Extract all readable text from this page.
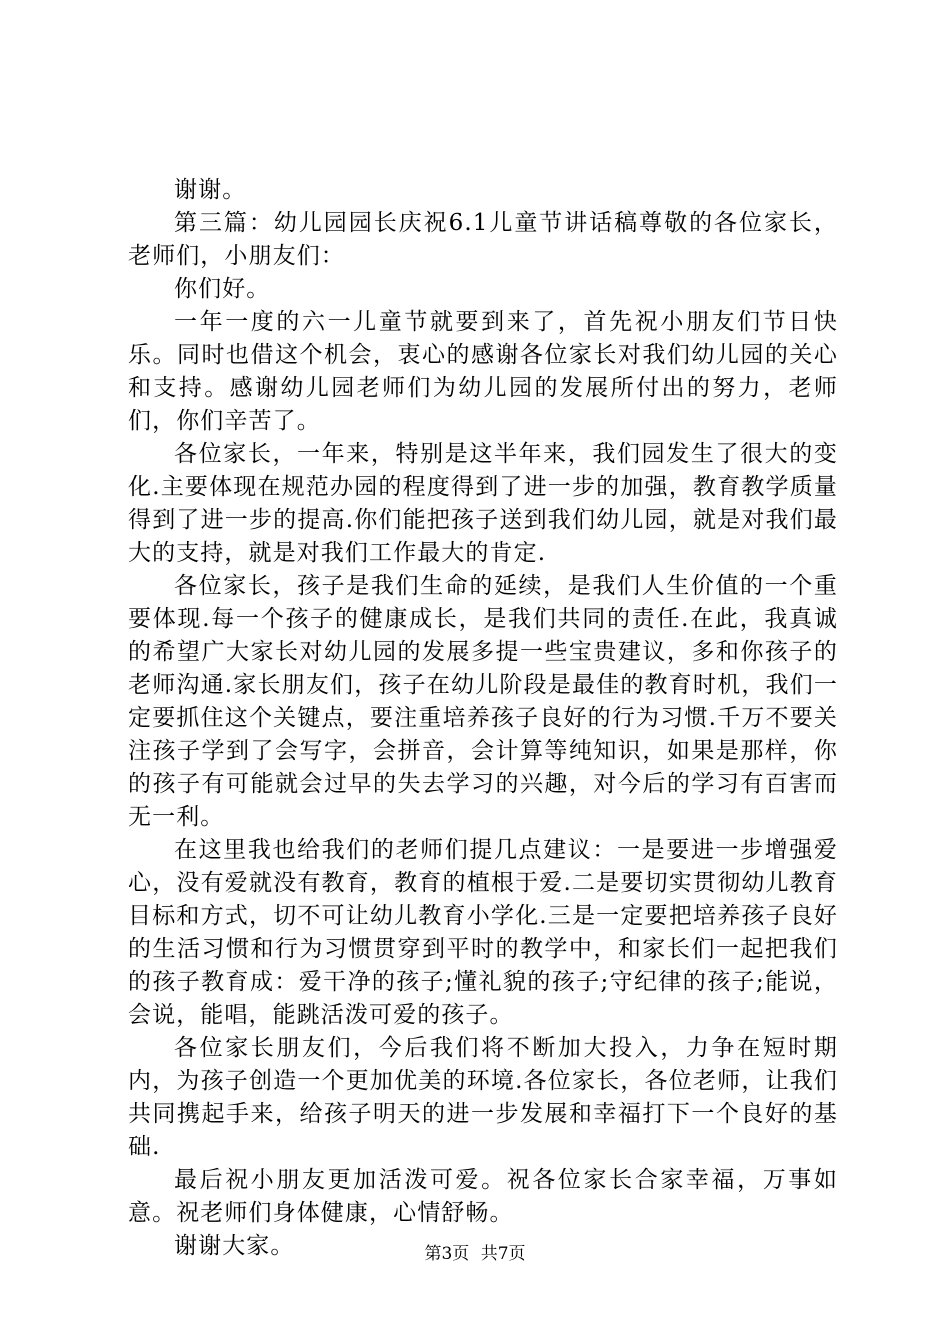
谢谢。

第三篇：幼儿园园长庆祝6.1儿童节讲话稿尊敬的各位家长，老师们，小朋友们：

你们好。

一年一度的六一儿童节就要到来了，首先祝小朋友们节日快乐。同时也借这个机会，衷心的感谢各位家长对我们幼儿园的关心和支持。感谢幼儿园老师们为幼儿园的发展所付出的努力，老师们，你们辛苦了。

各位家长，一年来，特别是这半年来，我们园发生了很大的变化.主要体现在规范办园的程度得到了进一步的加强，教育教学质量得到了进一步的提高.你们能把孩子送到我们幼儿园，就是对我们最大的支持，就是对我们工作最大的肯定.

各位家长，孩子是我们生命的延续，是我们人生价值的一个重要体现.每一个孩子的健康成长，是我们共同的责任.在此，我真诚的希望广大家长对幼儿园的发展多提一些宝贵建议，多和你孩子的老师沟通.家长朋友们，孩子在幼儿阶段是最佳的教育时机，我们一定要抓住这个关键点，要注重培养孩子良好的行为习惯.千万不要关注孩子学到了会写字，会拼音，会计算等纯知识，如果是那样，你的孩子有可能就会过早的失去学习的兴趣，对今后的学习有百害而无一利。

在这里我也给我们的老师们提几点建议：一是要进一步增强爱心，没有爱就没有教育，教育的植根于爱.二是要切实贯彻幼儿教育目标和方式，切不可让幼儿教育小学化.三是一定要把培养孩子良好的生活习惯和行为习惯贯穿到平时的教学中，和家长们一起把我们的孩子教育成：爱干净的孩子;懂礼貌的孩子;守纪律的孩子;能说，会说，能唱，能跳活泼可爱的孩子。

各位家长朋友们，今后我们将不断加大投入，力争在短时期内，为孩子创造一个更加优美的环境.各位家长，各位老师，让我们共同携起手来，给孩子明天的进一步发展和幸福打下一个良好的基础.

最后祝小朋友更加活泼可爱。祝各位家长合家幸福，万事如意。祝老师们身体健康，心情舒畅。

谢谢大家。	第3页 共7页
